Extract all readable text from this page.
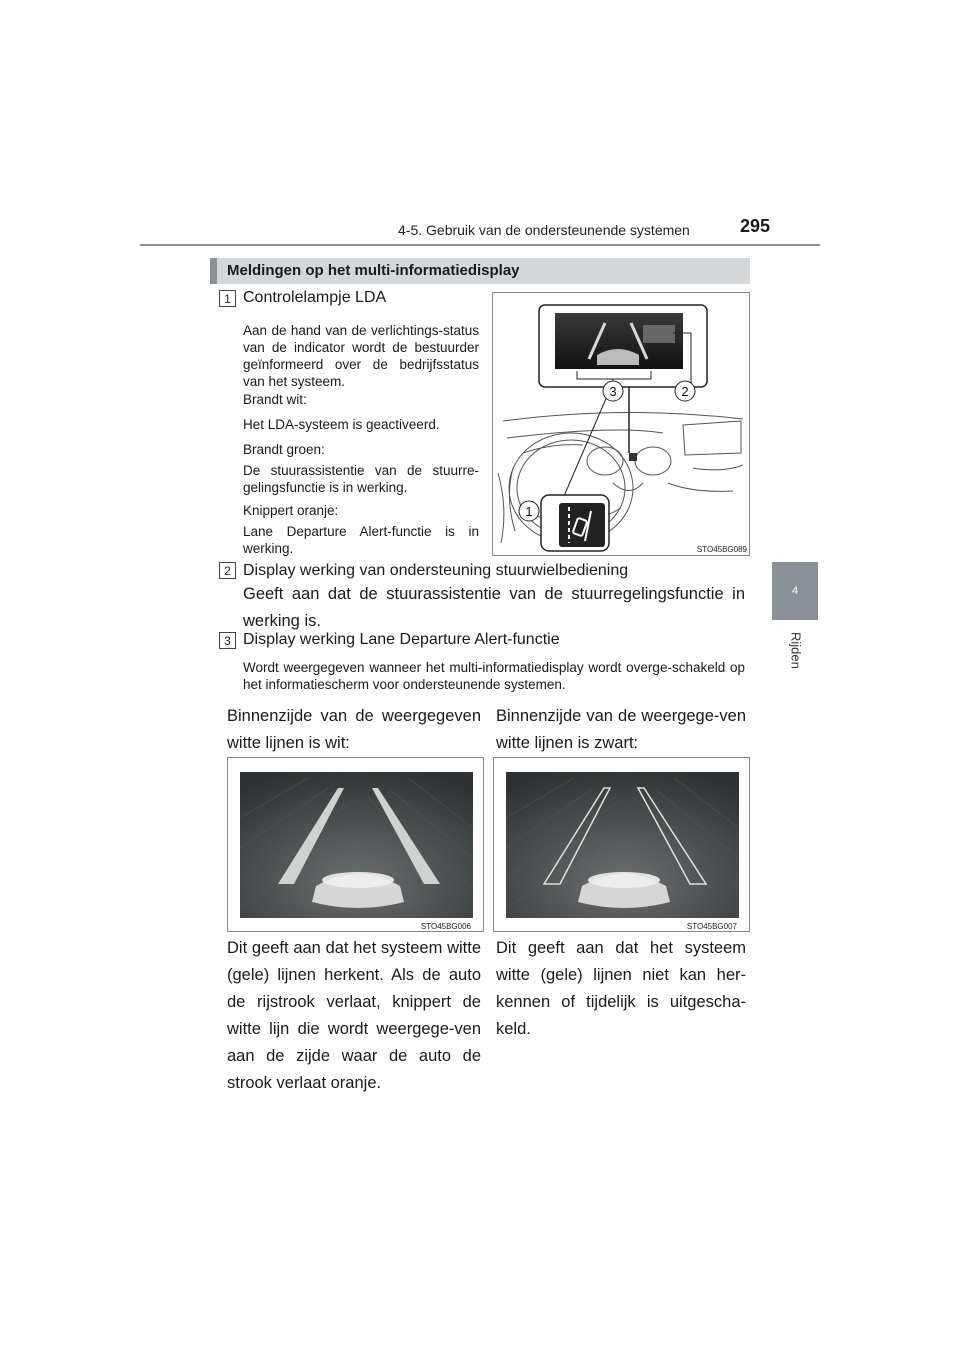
4-5. Gebruik van de ondersteunende systemen	295
4
Rijden
Meldingen op het multi-informatiedisplay
1 Controlelampje LDA
Aan de hand van de verlichtings-status van de indicator wordt de bestuurder geïnformeerd over de bedrijfsstatus van het systeem.
Brandt wit:
Het LDA-systeem is geactiveerd.
Brandt groen:
De stuurassistentie van de stuurre-gelingsfunctie is in werking.
Knippert oranje:
Lane Departure Alert-functie is in werking.
3	2
1
STO45BG089
2 Display werking van ondersteuning stuurwielbediening
Geeft aan dat de stuurassistentie van de stuurregelingsfunctie in werking is.
3 Display werking Lane Departure Alert-functie
Wordt weergegeven wanneer het multi-informatiedisplay wordt overge-schakeld op het informatiescherm voor ondersteunende systemen.
Binnenzijde van de weergegeven witte lijnen is wit:
STO45BG006
Dit geeft aan dat het systeem witte (gele) lijnen herkent. Als de auto de rijstrook verlaat, knippert de witte lijn die wordt weergege-ven aan de zijde waar de auto de strook verlaat oranje.
Binnenzijde van de weergege-ven witte lijnen is zwart:
STO45BG007
Dit geeft aan dat het systeem witte (gele) lijnen niet kan her-kennen of tijdelijk is uitgescha-keld.
